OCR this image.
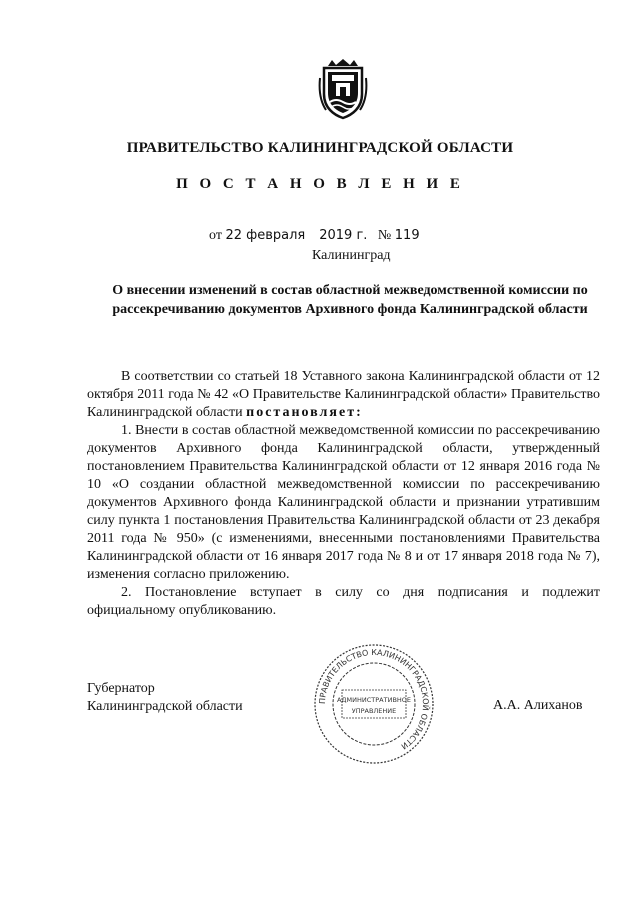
ПРАВИТЕЛЬСТВО КАЛИНИНГРАДСКОЙ ОБЛАСТИ
П О С Т А Н О В Л Е Н И Е
от 22 февраля 2019 г. № 119
Калининград
О внесении изменений в состав областной межведомственной комиссии по рассекречиванию документов Архивного фонда Калининградской области

В соответствии со статьей 18 Уставного закона Калининградской области от 12 октября 2011 года № 42 «О Правительстве Калининградской области» Правительство Калининградской области постановляет:

1. Внести в состав областной межведомственной комиссии по рассекречиванию документов Архивного фонда Калининградской области, утвержденный постановлением Правительства Калининградской области от 12 января 2016 года № 10 «О создании областной межведомственной комиссии по рассекречиванию документов Архивного фонда Калининградской области и признании утратившим силу пункта 1 постановления Правительства Калининградской области от 23 декабря 2011 года № 950» (с изменениями, внесенными постановлениями Правительства Калининградской области от 16 января 2017 года № 8 и от 17 января 2018 года № 7), изменения согласно приложению.

2. Постановление вступает в силу со дня подписания и подлежит официальному опубликованию.

Губернатор
Калининградской области	А.А. Алиханов
ПРАВИТЕЛЬСТВО КАЛИНИНГРАДСКОЙ ОБЛАСТИ
АДМИНИСТРАТИВНОЕ
УПРАВЛЕНИЕ
